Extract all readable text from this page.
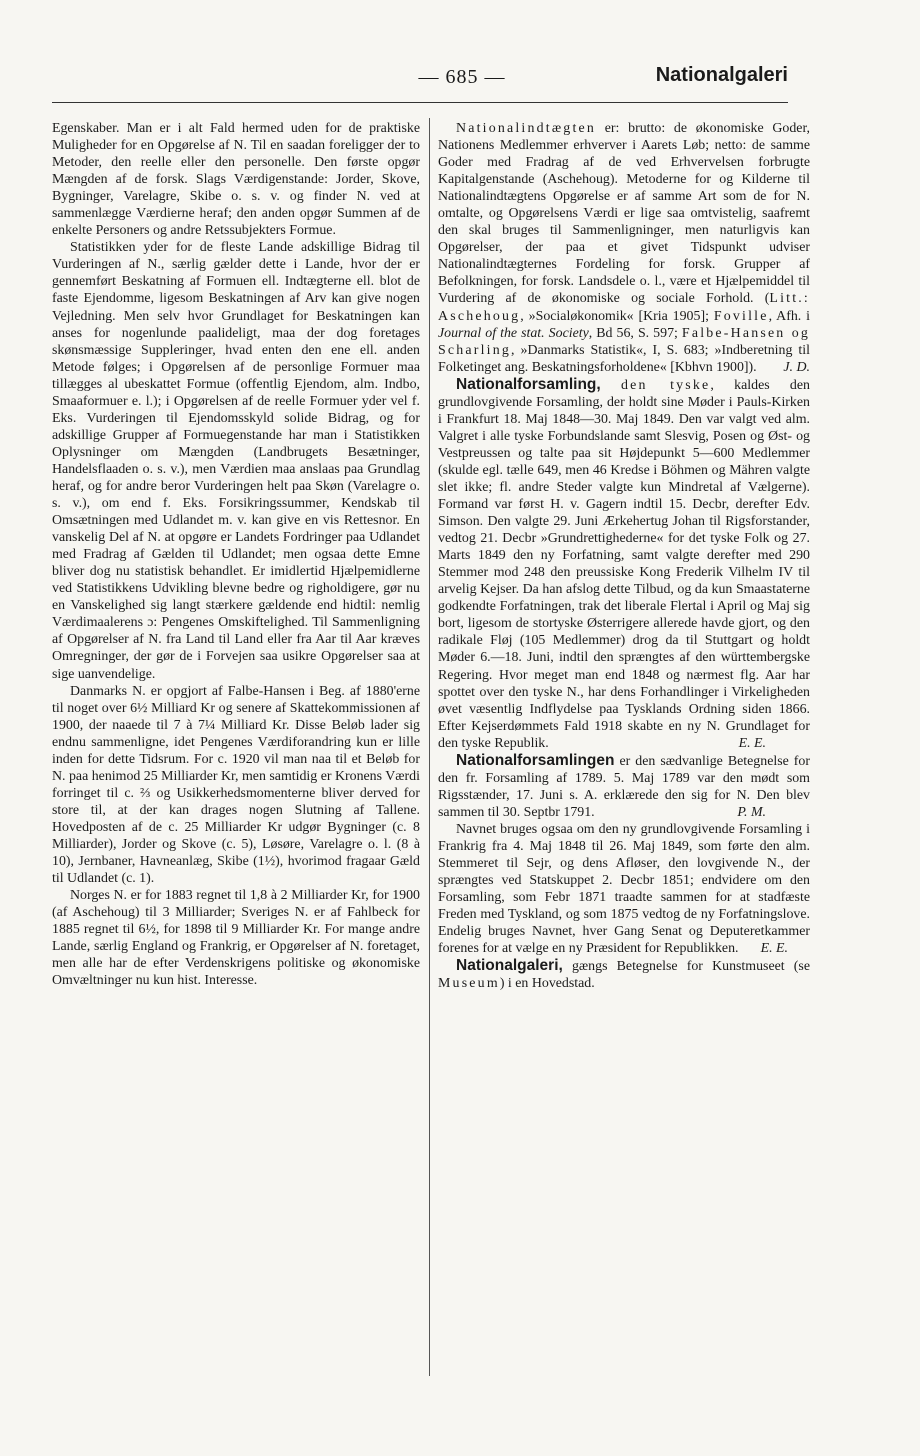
— 685 —	Nationalgaleri

Egenskaber. Man er i alt Fald hermed uden for de praktiske Muligheder for en Opgørelse af N. Til en saadan foreligger der to Metoder, den reelle eller den personelle. Den første opgør Mængden af de forsk. Slags Værdigenstande: Jorder, Skove, Bygninger, Varelagre, Skibe o. s. v. og finder N. ved at sammenlægge Værdierne heraf; den anden opgør Summen af de enkelte Personers og andre Retssubjekters Formue.

Statistikken yder for de fleste Lande adskillige Bidrag til Vurderingen af N., særlig gælder dette i Lande, hvor der er gennemført Beskatning af Formuen ell. Indtægterne ell. blot de faste Ejendomme, ligesom Beskatningen af Arv kan give nogen Vejledning. Men selv hvor Grundlaget for Beskatningen kan anses for nogenlunde paalideligt, maa der dog foretages skønsmæssige Suppleringer, hvad enten den ene ell. anden Metode følges; i Opgørelsen af de personlige Formuer maa tillægges al ubeskattet Formue (offentlig Ejendom, alm. Indbo, Smaaformuer e. l.); i Opgørelsen af de reelle Formuer yder vel f. Eks. Vurderingen til Ejendomsskyld solide Bidrag, og for adskillige Grupper af Formuegenstande har man i Statistikken Oplysninger om Mængden (Landbrugets Besætninger, Handelsflaaden o. s. v.), men Værdien maa anslaas paa Grundlag heraf, og for andre beror Vurderingen helt paa Skøn (Varelagre o. s. v.), om end f. Eks. Forsikringssummer, Kendskab til Omsætningen med Udlandet m. v. kan give en vis Rettesnor. En vanskelig Del af N. at opgøre er Landets Fordringer paa Udlandet med Fradrag af Gælden til Udlandet; men ogsaa dette Emne bliver dog nu statistisk behandlet. Er imidlertid Hjælpemidlerne ved Statistikkens Udvikling blevne bedre og righoldigere, gør nu en Vanskelighed sig langt stærkere gældende end hidtil: nemlig Værdimaalerens ɔ: Pengenes Omskiftelighed. Til Sammenligning af Opgørelser af N. fra Land til Land eller fra Aar til Aar kræves Omregninger, der gør de i Forvejen saa usikre Opgørelser saa at sige uanvendelige.

Danmarks N. er opgjort af Falbe-Hansen i Beg. af 1880'erne til noget over 6½ Milliard Kr og senere af Skattekommissionen af 1900, der naaede til 7 à 7¼ Milliard Kr. Disse Beløb lader sig endnu sammenligne, idet Pengenes Værdiforandring kun er lille inden for dette Tidsrum. For c. 1920 vil man naa til et Beløb for N. paa henimod 25 Milliarder Kr, men samtidig er Kronens Værdi forringet til c. ⅔ og Usikkerhedsmomenterne bliver derved for store til, at der kan drages nogen Slutning af Tallene. Hovedposten af de c. 25 Milliarder Kr udgør Bygninger (c. 8 Milliarder), Jorder og Skove (c. 5), Løsøre, Varelagre o. l. (8 à 10), Jernbaner, Havneanlæg, Skibe (1½), hvorimod fragaar Gæld til Udlandet (c. 1).

Norges N. er for 1883 regnet til 1,8 à 2 Milliarder Kr, for 1900 (af Aschehoug) til 3 Milliarder; Sveriges N. er af Fahlbeck for 1885 regnet til 6½, for 1898 til 9 Milliarder Kr. For mange andre Lande, særlig England og Frankrig, er Opgørelser af N. foretaget, men alle har de efter Verdenskrigens politiske og økonomiske Omvæltninger nu kun hist. Interesse.

Nationalindtægten er: brutto: de økonomiske Goder, Nationens Medlemmer erhverver i Aarets Løb; netto: de samme Goder med Fradrag af de ved Erhvervelsen forbrugte Kapitalgenstande (Aschehoug). Metoderne for og Kilderne til Nationalindtægtens Opgørelse er af samme Art som de for N. omtalte, og Opgørelsens Værdi er lige saa omtvistelig, saafremt den skal bruges til Sammenligninger, men naturligvis kan Opgørelser, der paa et givet Tidspunkt udviser Nationalindtægternes Fordeling for forsk. Grupper af Befolkningen, for forsk. Landsdele o. l., være et Hjælpemiddel til Vurdering af de økonomiske og sociale Forhold. (Litt.: Aschehoug, »Socialøkonomik« [Kria 1905]; Foville, Afh. i Journal of the stat. Society, Bd 56, S. 597; Falbe-Hansen og Scharling, »Danmarks Statistik«, I, S. 683; »Indberetning til Folketinget ang. Beskatningsforholdene« [Kbhvn 1900]).	J. D.

Nationalforsamling, den tyske, kaldes den grundlovgivende Forsamling, der holdt sine Møder i Pauls-Kirken i Frankfurt 18. Maj 1848—30. Maj 1849. Den var valgt ved alm. Valgret i alle tyske Forbundslande samt Slesvig, Posen og Øst- og Vestpreussen og talte paa sit Højdepunkt 5—600 Medlemmer (skulde egl. tælle 649, men 46 Kredse i Böhmen og Mähren valgte slet ikke; fl. andre Steder valgte kun Mindretal af Vælgerne). Formand var først H. v. Gagern indtil 15. Decbr, derefter Edv. Simson. Den valgte 29. Juni Ærkehertug Johan til Rigsforstander, vedtog 21. Decbr »Grundrettighederne« for det tyske Folk og 27. Marts 1849 den ny Forfatning, samt valgte derefter med 290 Stemmer mod 248 den preussiske Kong Frederik Vilhelm IV til arvelig Kejser. Da han afslog dette Tilbud, og da kun Smaastaterne godkendte Forfatningen, trak det liberale Flertal i April og Maj sig bort, ligesom de stortyske Østerrigere allerede havde gjort, og den radikale Fløj (105 Medlemmer) drog da til Stuttgart og holdt Møder 6.—18. Juni, indtil den sprængtes af den württembergske Regering. Hvor meget man end 1848 og nærmest flg. Aar har spottet over den tyske N., har dens Forhandlinger i Virkeligheden øvet væsentlig Indflydelse paa Tysklands Ordning siden 1866. Efter Kejserdømmets Fald 1918 skabte en ny N. Grundlaget for den tyske Republik.	E. E.

Nationalforsamlingen er den sædvanlige Betegnelse for den fr. Forsamling af 1789. 5. Maj 1789 var den mødt som Rigsstænder, 17. Juni s. A. erklærede den sig for N. Den blev sammen til 30. Septbr 1791.	P. M.

Navnet bruges ogsaa om den ny grundlovgivende Forsamling i Frankrig fra 4. Maj 1848 til 26. Maj 1849, som førte den alm. Stemmeret til Sejr, og dens Afløser, den lovgivende N., der sprængtes ved Statskuppet 2. Decbr 1851; endvidere om den Forsamling, som Febr 1871 traadte sammen for at stadfæste Freden med Tyskland, og som 1875 vedtog de ny Forfatningslove. Endelig bruges Navnet, hver Gang Senat og Deputeretkammer forenes for at vælge en ny Præsident for Republikken.	E. E.

Nationalgaleri, gængs Betegnelse for Kunstmuseet (se Museum) i en Hovedstad.
